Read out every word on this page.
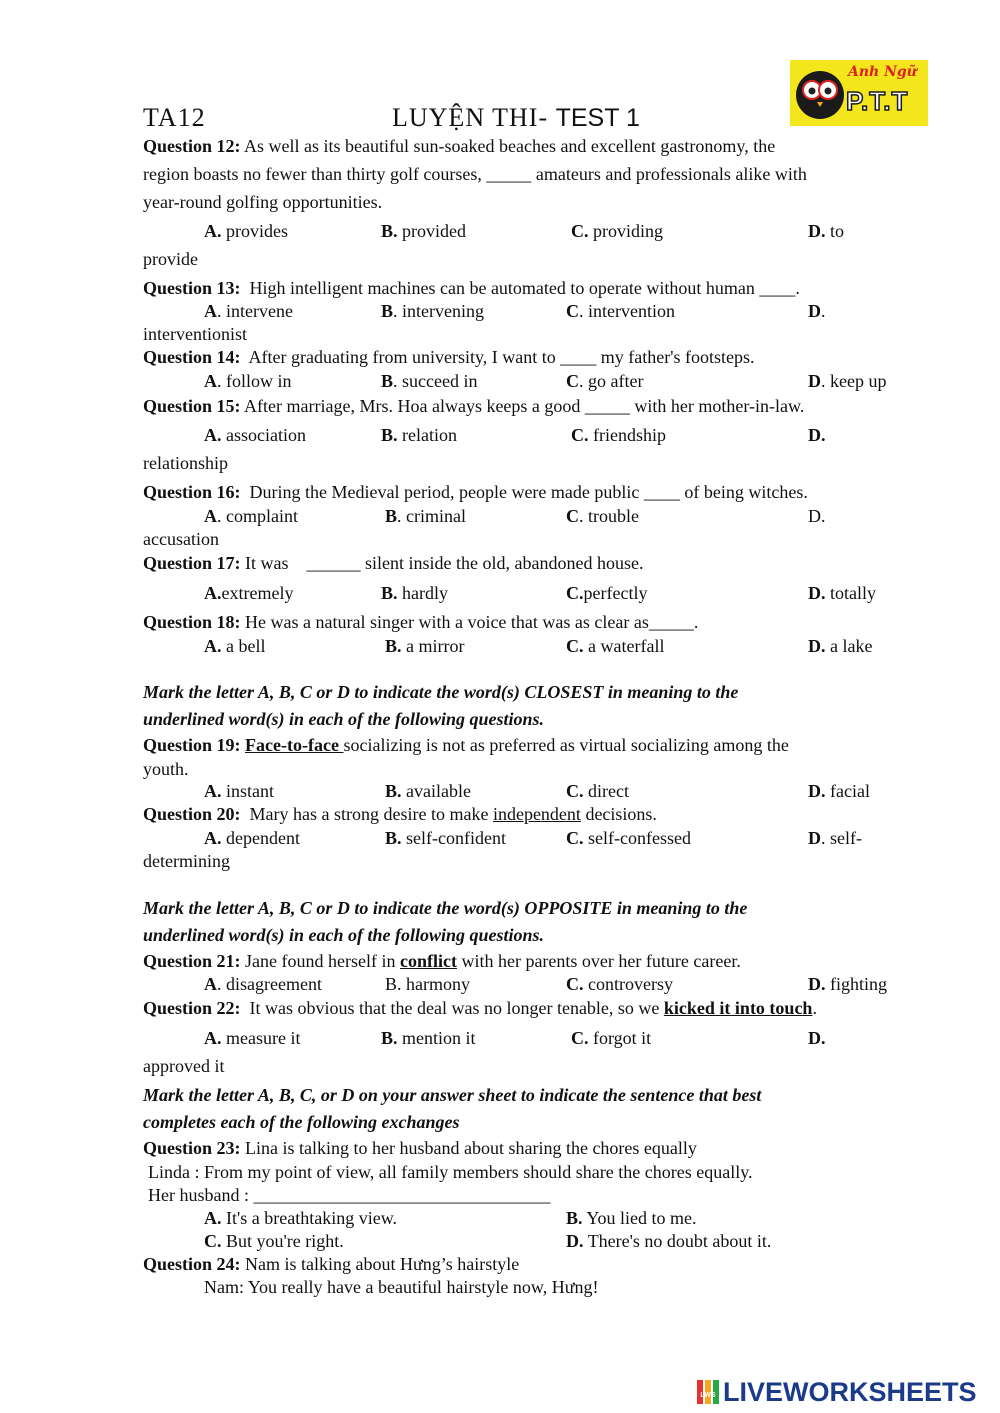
TA12	LUYỆN THI- TEST 1
Anh Ngữ
P.T.T
Question 12: As well as its beautiful sun-soaked beaches and excellent gastronomy, the
region boasts no fewer than thirty golf courses, _____ amateurs and professionals alike with
year-round golfing opportunities.
A. provides	B. provided	C. providing	D. to
provide
Question 13: High intelligent machines can be automated to operate without human ____.
A. intervene	B. intervening	C. intervention	D.
interventionist
Question 14: After graduating from university, I want to ____ my father's footsteps.
A. follow in	B. succeed in	C. go after	D. keep up
Question 15: After marriage, Mrs. Hoa always keeps a good _____ with her mother-in-law.
A. association	B. relation	C. friendship	D.
relationship
Question 16: During the Medieval period, people were made public ____ of being witches.
A. complaint	B. criminal	C. trouble	D.
accusation
Question 17: It was    ______ silent inside the old, abandoned house.
A.extremely	B. hardly	C.perfectly	D. totally
Question 18: He was a natural singer with a voice that was as clear as_____.
A. a bell	B. a mirror	C. a waterfall	D. a lake
Mark the letter A, B, C or D to indicate the word(s) CLOSEST in meaning to the
underlined word(s) in each of the following questions.
Question 19: Face-to-face socializing is not as preferred as virtual socializing among the
youth.
A. instant	B. available	C. direct	D. facial
Question 20: Mary has a strong desire to make independent decisions.
A. dependent	B. self-confident	C. self-confessed	D. self-
determining
Mark the letter A, B, C or D to indicate the word(s) OPPOSITE in meaning to the
underlined word(s) in each of the following questions.
Question 21: Jane found herself in conflict with her parents over her future career.
A. disagreement	B. harmony	C. controversy	D. fighting
Question 22: It was obvious that the deal was no longer tenable, so we kicked it into touch.
A. measure it	B. mention it	C. forgot it	D.
approved it
Mark the letter A, B, C, or D on your answer sheet to indicate the sentence that best
completes each of the following exchanges
Question 23: Lina is talking to her husband about sharing the chores equally
Linda : From my point of view, all family members should share the chores equally.
Her husband : _________________________________
A. It's a breathtaking view.	B. You lied to me.
C. But you're right.	D. There's no doubt about it.
Question 24: Nam is talking about Hưng’s hairstyle
Nam: You really have a beautiful hairstyle now, Hưng!
LWS LIVEWORKSHEETS
